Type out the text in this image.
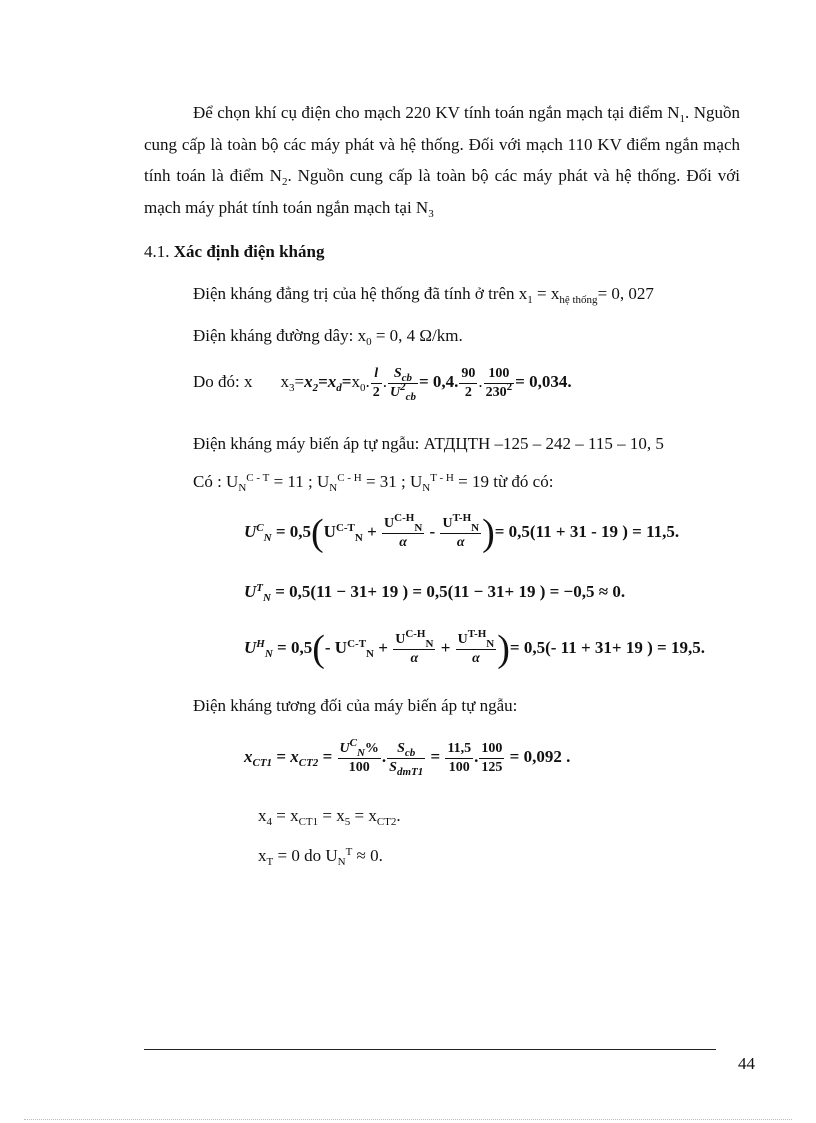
Để chọn khí cụ điện cho mạch 220 KV tính toán ngắn mạch tại điểm $N_1$. Nguồn cung cấp là toàn bộ các máy phát và hệ thống. Đối với mạch 110 KV điểm ngắn mạch tính toán là điểm $N_2$. Nguồn cung cấp là toàn bộ các máy phát và hệ thống. Đối với mạch máy phát tính toán ngắn mạch tại $N_3$
4.1. Xác định điện kháng
Điện kháng đẳng trị của hệ thống đã tính ở trên $x_1 = x_{hệ thống}= 0$, 027
Điện kháng đường dây: $x_0 = 0$, 4 Ω/km.
Do đó: x $x_3=x_2=x_d=x_0$. $\frac{l}{2}$ . $\frac{S_{cb}}{U^2_{cb}} = 0,4$. $\frac{90}{2}$ . $\frac{100}{230^2} = 0,034$.
Điện kháng máy biến áp tự ngẫu: АТДЦТН –125 – 242 – 115 – 10, 5
Có : $U_N^{C - T} = 11$ ; $U_N^{C - H} = 31$ ; $U_N^{T - H} = 19$ từ đó có:
$U^C_N = 0,5(U^{C-T}_N + \frac{U^{C-H}_N}{\alpha} - \frac{U^{T-H}_N}{\alpha}$ )= 0,5(11 + 31 - 19 ) = 11,5.
$U^T_N = 0,5(11 - 31+ 19$ ) = 0,5(11 − 31+ 19 ) = −0,5 ≈ 0.
$U^H_N = 0,5(-$ $U^{C-T}_N + \frac{U^{C-H}_N}{\alpha} + \frac{U^{T-H}_N}{\alpha}$ )= 0,5(- 11 + 31+ 19 ) = 19,5.
Điện kháng tương đối của máy biến áp tự ngẫu:
$x_{CT1} = x_{CT2} = \frac{U^C_N\%}{100}$ . $\frac{S_{cb}}{S_{dmT1}} = \frac{11,5}{100}$ . $\frac{100}{125} = 0,092$ .
$x_4 = x_{CT1} = x_5 = x_{CT2}$.
$x_T = 0$ do $U_N^T \approx 0$.
44
